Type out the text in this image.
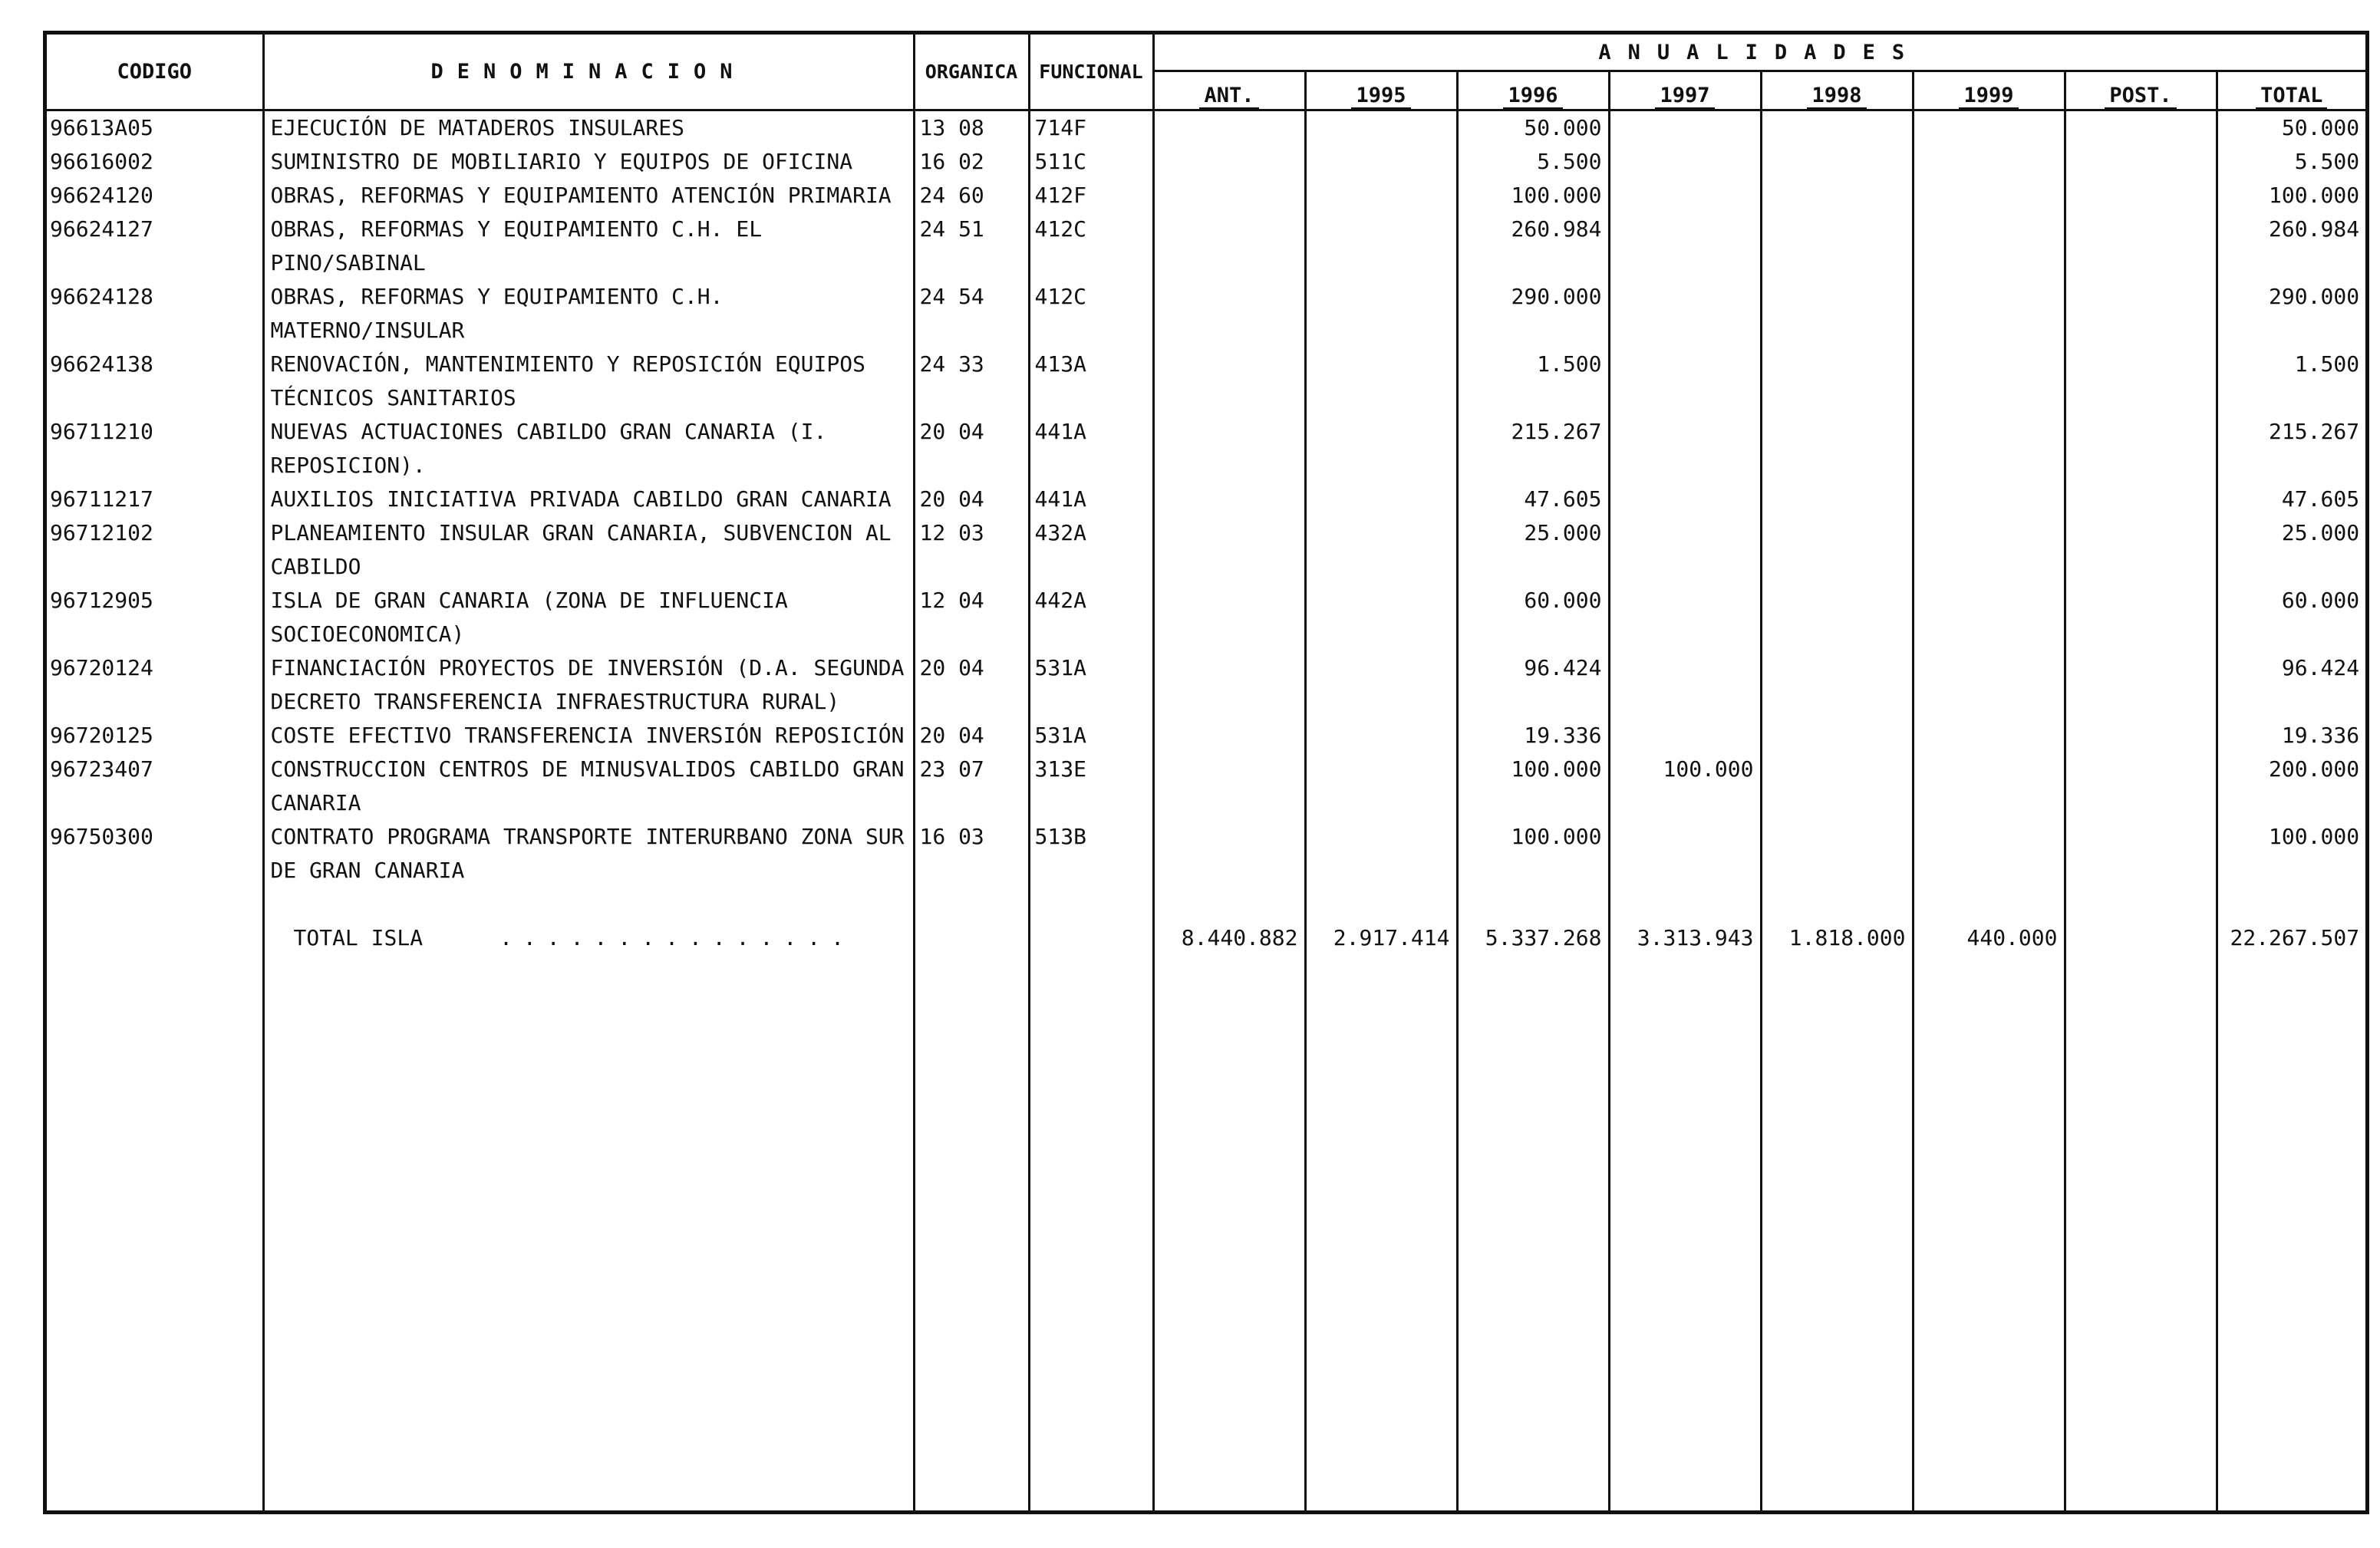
CODIGO	DENOMINACION	ORGANICA	FUNCIONAL	ANUALIDADES							
				ANT.	1995	1996	1997	1998	1999	POST.	TOTAL
96613A05	EJECUCIÓN DE MATADEROS INSULARES	13 08	714F			50.000					50.000
96616002	SUMINISTRO DE MOBILIARIO Y EQUIPOS DE OFICINA	16 02	511C			5.500					5.500
96624120	OBRAS, REFORMAS Y EQUIPAMIENTO ATENCIÓN PRIMARIA	24 60	412F			100.000					100.000
96624127	OBRAS, REFORMAS Y EQUIPAMIENTO C.H. EL PINO/SABINAL	24 51	412C			260.984					260.984
96624128	OBRAS, REFORMAS Y EQUIPAMIENTO C.H. MATERNO/INSULAR	24 54	412C			290.000					290.000
96624138	RENOVACIÓN, MANTENIMIENTO Y REPOSICIÓN EQUIPOS TÉCNICOS SANITARIOS	24 33	413A			1.500					1.500
96711210	NUEVAS ACTUACIONES CABILDO GRAN CANARIA (I. REPOSICION).	20 04	441A			215.267					215.267
96711217	AUXILIOS INICIATIVA PRIVADA CABILDO GRAN CANARIA	20 04	441A			47.605					47.605
96712102	PLANEAMIENTO INSULAR GRAN CANARIA, SUBVENCION AL CABILDO	12 03	432A			25.000					25.000
96712905	ISLA DE GRAN CANARIA (ZONA DE INFLUENCIA SOCIOECONOMICA)	12 04	442A			60.000					60.000
96720124	FINANCIACIÓN PROYECTOS DE INVERSIÓN (D.A. SEGUNDA DECRETO TRANSFERENCIA INFRAESTRUCTURA RURAL)	20 04	531A			96.424					96.424
96720125	COSTE EFECTIVO TRANSFERENCIA INVERSIÓN REPOSICIÓN	20 04	531A			19.336					19.336
96723407	CONSTRUCCION CENTROS DE MINUSVALIDOS CABILDO GRAN CANARIA	23 07	313E			100.000	100.000				200.000
96750300	CONTRATO PROGRAMA TRANSPORTE INTERURBANO ZONA SUR DE GRAN CANARIA	16 03	513B			100.000					100.000
	TOTAL ISLA ...............			8.440.882	2.917.414	5.337.268	3.313.943	1.818.000	440.000		22.267.507
